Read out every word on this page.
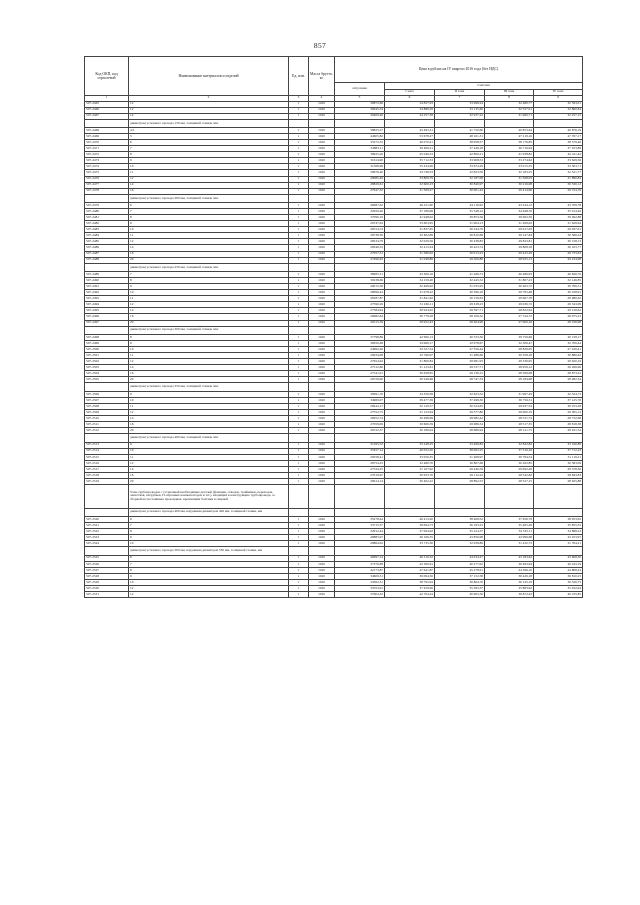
857
Код ОКП, код отраслевой	Наименование материалов и изделий	Ед. изм.	Масса брутто, кг	Цена в рублях на IV квартал 2016 года (без НДС)				
				отпускная	Сметная			
					I зона	II зона	III зона	IV зона
1	2	3	4	5	6	7	8	9
507-2465	12	т	1020	30872,69	34 827,93	33 998,24	32 480,77	32 593,01
507-2466	12	т	1020	30945,54	34 886,29	33 135,60	32 557,01	32 860,84
507-2467	14	т	1020	30409,46	34 257,38	32 937,22	31 960,71	32 257,15
	диаметром условного прохода 150 мм, толщиной стенки, мм:							
507-2468	4,5	т	1020	38825,27	43 493,31	41 750,60	40 853,64	40 876,19
507-2469	5	т	1020	44605,82	53 678,27	48 161,31	47 219,16	47 767,17
507-2470	6	т	1020	35272,55	40 070,41	38 958,57	38 176,85	38 579,46
507-2471	7	т	1020	34883,11	39 406,21	37 449,18	36 716,94	37 103,89
507-2472	8	т	1020	39925,20	45 049,33	42 806,21	41 938,82	42 411,42
507-2473	9	т	1020	31614,90	35 712,33	33 908,53	33 274,62	33 629,56
507-2474	10	т	1020	31568,69	35 434,06	33 674,29	33 015,55	33 363,71
507-2475	11	т	1020	29976,40	34 748,33	32 823,59	32 183,25	32 521,77
507-2476	12	т	1020	29085,49	33 809,79	32 187,08	31 598,03	31 890,84
507-2477	14	т	1020	28829,61	32 600,23	30 840,97	30 216,08	30 330,12
507-2478	16	т	1020	27947,32	31 569,27	30 001,44	29 414,96	29 724,76
	диаметром условного прохода 200 мм, толщиной стенки, мм:							
507-2479	6	т	1020	40987,02	46 411,90	44 116,92	43 244,12	43 709,78
507-2480	7	т	1020	32920,46	37 186,96	35 348,12	34 648,76	35 014,26
507-2481	8	т	1020	37090,19	41 948,02	39 853,56	39 062,59	39 492,88
507-2482	9	т	1020	29747,63	33 603,95	31 904,13	31 269,02	31 629,64
507-2483	10	т	1020	28154,74	31 837,65	30 244,76	29 617,63	29 937,01
507-2484	11	т	1020	28738,39	32 402,89	30 810,68	30 247,84	30 566,24
507-2485	12	т	1020	28234,79	32 029,56	30 438,83	29 843,81	30 158,13
507-2486	14	т	1020	28346,33	32 413,24	30 423,74	29 808,18	30 163,77
507-2487	16	т	1020	27957,51	31 580,92	30 013,23	29 425,29	29 733,63
507-2488	20	т	1020	27496,63	31 048,89	29 506,80	28 925,13	29 234,98
	диаметром условного прохода 250 мм, толщиной стенки, мм:							
507-2489	7	т	1020	38085,31	43 306,16	41 266,73	40 486,93	40 826,70
507-2490	8	т	1020	30238,69	34 159,20	32 445,52	31 807,23	32 146,85
507-2491	9	т	1020	29015,58	32 466,92	31 035,95	30 463,72	30 766,51
507-2492	10	т	1020	28099,44	31 978,22	30 396,16	29 795,48	30 108,91
507-2493	11	т	1020	28187,87	31 841,92	30 159,63	29 667,78	29 980,62
507-2494	12	т	1020	27590,29	31 166,11	29 618,23	29 036,72	29 343,09
507-2495	14	т	1020	27584,94	30 924,02	29 397,71	28 822,64	29 126,62
507-2496	16	т	1020	26982,64	30 779,28	28 106,32	27 744,72	28 075,23
507-2497	20	т	1020	26315,59	29 952,43	28 464,90	27 900,16	28 196,98
	диаметром условного прохода 300 мм, толщиной стенки, мм:							
507-2498	8	т	1020	37798,89	42 690,13	40 533,36	39 759,69	40 158,17
507-2499	9	т	1020	30950,48	34 960,17	32 978,67	32 306,47	32 706,44
507-2500	10	т	1020	24992,26	32 527,54	27 556,44	28 829,05	27 220,41
507-2501	11	т	1020	29034,08	32 796,97	31 488,66	30 358,18	30 880,62
507-2502	12	т	1020	27654,64	31 860,84	29 981,93	29 336,95	29 620,19
507-2503	14	т	1020	27512,66	31 123,61	29 537,71	28 959,12	29 266,96
507-2504	16	т	1020	27541,01	30 658,65	29 136,15	28 569,08	28 873,22
507-2505	20	т	1020	26729,06	30 249,66	28 747,33	28 184,98	28 482,34
	диаметром условного прохода 350 мм, толщиной стенки, мм:							
507-2506	9	т	1020	30091,76	34 356,58	32 623,52	31 997,29	32 324,73
507-2507	10	т	1020	34969,07	39 477,39	37 498,30	36 756,31	37 125,76
507-2508	11	т	1020	28444,17	32 120,57	30 524,65	29 937,54	30 253,28
507-2509	12	т	1020	27552,75	31 123,94	29 577,80	29 000,19	29 305,13
507-2510	14	т	1020	26952,74	30 498,69	28 982,42	28 531,74	28 732,68
507-2511	16	т	1020	27059,09	30 606,59	29 086,54	28 517,35	28 818,38
507-2512	20	т	1020	26722,37	30 186,04	28 686,94	28 121,75	28 421,54
	диаметром условного прохода 400 мм, толщиной стенки, мм:							
507-2513	9	т	1020	31295,52	35 248,25	33 499,84	32 842,82	33 190,89
507-2514	10	т	1020	35457,14	40 052,20	38 062,25	37 316,16	37 712,23
507-2515	11	т	1020	29258,41	33 050,35	31 408,97	30 794,54	31 119,21
507-2516	12	т	1020	28754,25	32 480,70	30 867,69	30 262,85	30 583,09
507-2517	14	т	1020	27334,25	31 167,92	29 440,59	29 092,49	29 378,30
507-2518	16	т	1020	27019,67	30 633,70	29 112,22	28 542,82	28 843,83
507-2519	20	т	1020	26914,14	30 402,22	28 892,53	28 327,15	28 625,88
	Узлы трубопроводов с установкой необходимых деталей (фланцев, отводов, тройников, переходов, лепестков, патрубков, П-образных компенсаторов и т.п.), входящих в конструкцию трубопровода, со сборкой на постоянных прокладках, креплением болтами в сварной							
	диаметром условного прохода 400 мм, наружным диаметром 426 мм, толщиной стенки, мм							
507-2520	6	т	1020	35278,44	40 413,20	38 408,52	37 656,79	38 053,92
507-2521	7	т	1020	33715,57	38 094,73	36 193,23	35 465,26	35 855,55
507-2522	8	т	1020	32912,44	37 064,92	35 224,37	34 535,11	34 898,23
507-2523	9	т	1020	40885,97	46 166,35	43 856,98	42 996,68	43 453,97
507-2524	10	т	1020	29864,02	33 735,30	32 058,89	31 432,73	31 764,21
	диаметром условного прохода 500 мм, наружным диаметром 530 мм, толщиной стенки, мм							
507-2525	6	т	1020	40997,14	46 310,32	44 034,27	43 183,62	43 608,50
507-2526	7	т	1020	37376,89	42 360,61	40 277,02	39 493,94	40 243,19
507-2527	8	т	1020	42173,87	47 641,87	45 278,91	44 396,10	44 808,24
507-2528	9	т	1020	34609,31	39 094,56	37 152,58	36 426,18	36 810,25
507-2529	10	т	1020	34362,31	38 792,94	36 864,76	36 145,19	36 526,75
507-2530	12	т	1020	33553,91	37 459,96	35 583,37	35 883,92	35 452,94
507-2531	12	т	1020	37604,32	42 704,24	40 605,56	39 872,43	40 235,85
